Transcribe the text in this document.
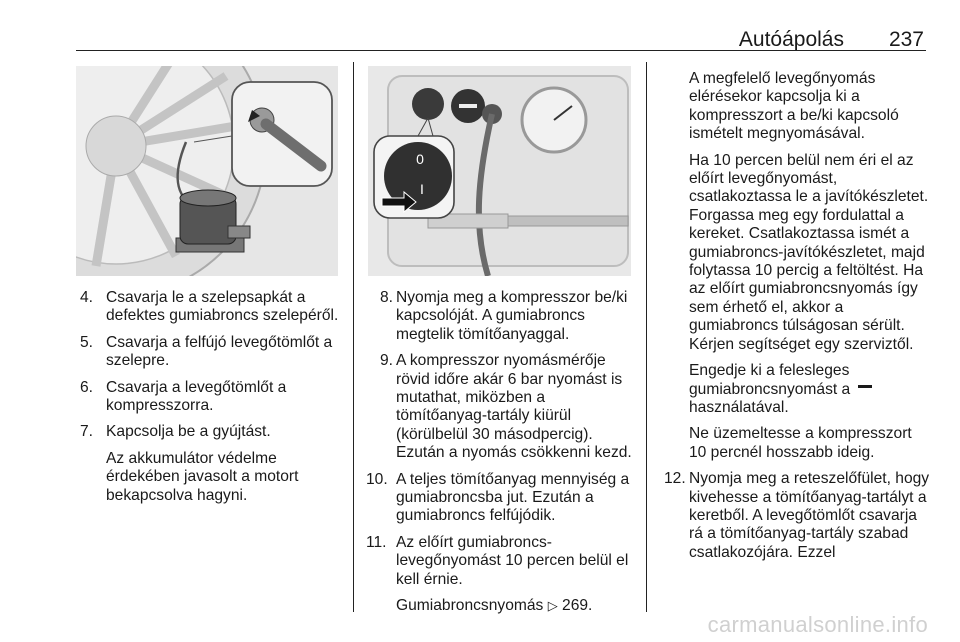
Autóápolás 237
0
I
4. Csavarja le a szelepsapkát a defektes gumiabroncs szelepéről.
5. Csavarja a felfújó levegőtömlőt a szelepre.
6. Csavarja a levegőtömlőt a kompresszorra.
7. Kapcsolja be a gyújtást.
Az akkumulátor védelme érdekében javasolt a motort bekapcsolva hagyni.
8. Nyomja meg a kompresszor be/ki kapcsolóját. A gumiabroncs megtelik tömítőanyaggal.
9. A kompresszor nyomásmérője rövid időre akár 6 bar nyomást is mutathat, miközben a tömítőanyag-tartály kiürül (körülbelül 30 másodpercig). Ezután a nyomás csökkenni kezd.
10. A teljes tömítőanyag mennyiség a gumiabroncsba jut. Ezután a gumiabroncs felfújódik.
11. Az előírt gumiabroncs-levegőnyomást 10 percen belül el kell érnie.
Gumiabroncsnyomás ▷ 269.
A megfelelő levegőnyomás elérésekor kapcsolja ki a kompresszort a be/ki kapcsoló ismételt megnyomásával.
Ha 10 percen belül nem éri el az előírt levegőnyomást, csatlakoztassa le a javítókészletet. Forgassa meg egy fordulattal a kereket. Csatlakoztassa ismét a gumiabroncs-javítókészletet, majd folytassa 10 percig a feltöltést. Ha az előírt gumiabroncsnyomás így sem érhető el, akkor a gumiabroncs túlságosan sérült. Kérjen segítséget egy szerviztől.
Engedje ki a felesleges gumiabroncsnyomást a  használatával.
Ne üzemeltesse a kompresszort 10 percnél hosszabb ideig.
12. Nyomja meg a reteszelőfület, hogy kivehesse a tömítőanyag-tartályt a keretből. A levegőtömlőt csavarja rá a tömítőanyag-tartály szabad csatlakozójára. Ezzel
carmanualsonline.info
